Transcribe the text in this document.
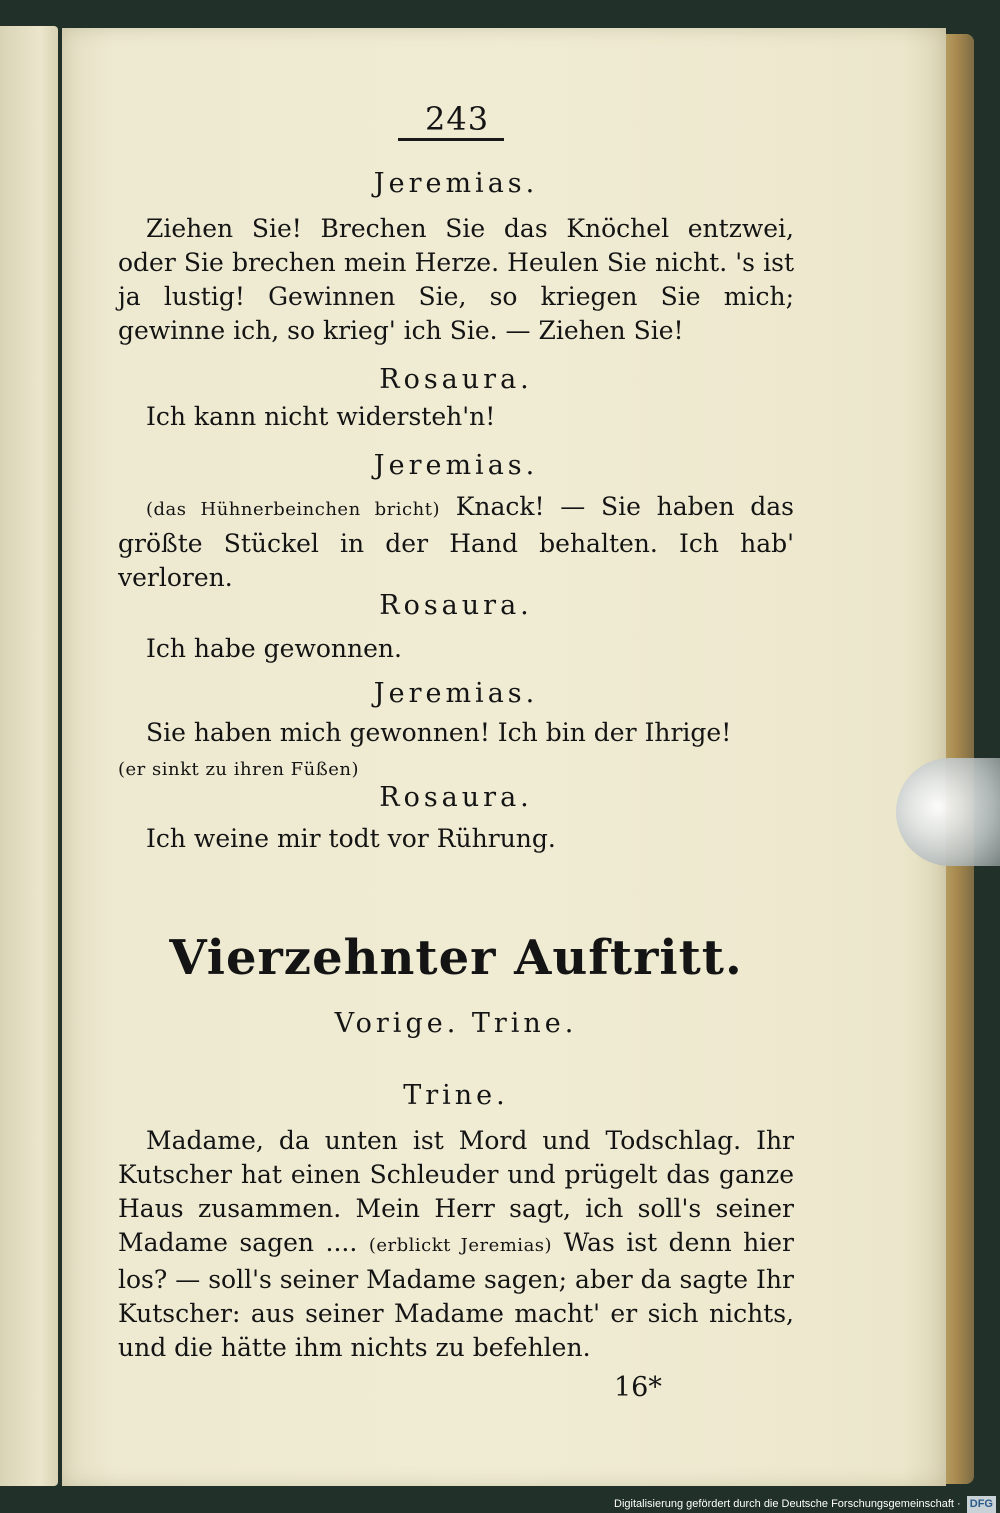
243

Jeremias.

Ziehen Sie! Brechen Sie das Knöchel entzwei, oder Sie brechen mein Herze. Heulen Sie nicht. 's ist ja lustig! Gewinnen Sie, so kriegen Sie mich; gewinne ich, so krieg' ich Sie. — Ziehen Sie!

Rosaura.

Ich kann nicht widersteh'n!

Jeremias.

(das Hühnerbeinchen bricht) Knack! — Sie haben das größte Stückel in der Hand behalten. Ich hab' verloren.

Rosaura.

Ich habe gewonnen.

Jeremias.

Sie haben mich gewonnen! Ich bin der Ihrige!

(er sinkt zu ihren Füßen)

Rosaura.

Ich weine mir todt vor Rührung.

Vierzehnter Auftritt.

Vorige. Trine.

Trine.

Madame, da unten ist Mord und Todschlag. Ihr Kutscher hat einen Schleuder und prügelt das ganze Haus zusammen. Mein Herr sagt, ich soll's seiner Madame sagen .... (erblickt Jeremias) Was ist denn hier los? — soll's seiner Madame sagen; aber da sagte Ihr Kutscher: aus seiner Madame macht' er sich nichts, und die hätte ihm nichts zu befehlen.

16*
Digitalisierung gefördert durch die Deutsche Forschungsgemeinschaft · DFG
